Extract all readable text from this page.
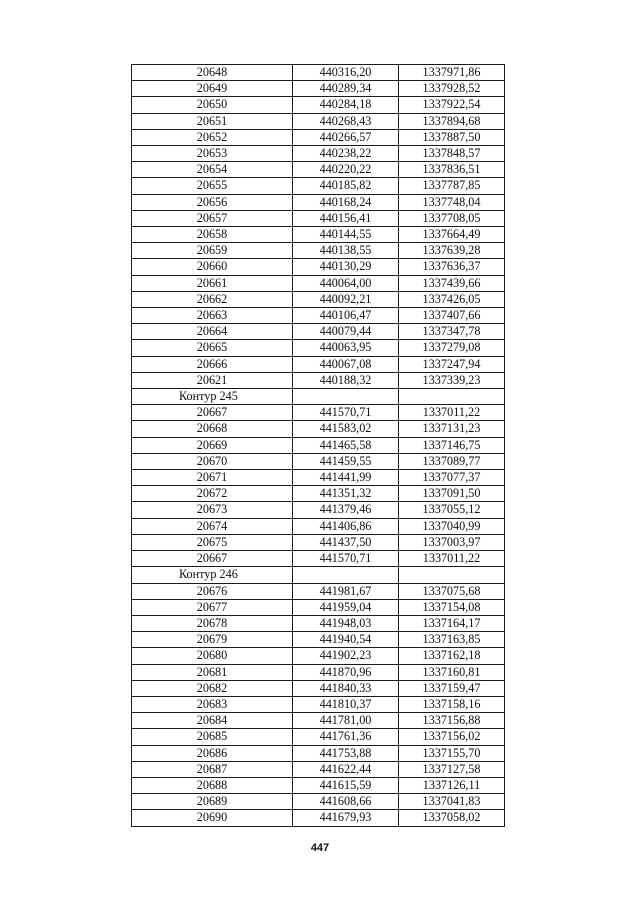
20648	440316,20	1337971,86
20649	440289,34	1337928,52
20650	440284,18	1337922,54
20651	440268,43	1337894,68
20652	440266,57	1337887,50
20653	440238,22	1337848,57
20654	440220,22	1337836,51
20655	440185,82	1337787,85
20656	440168,24	1337748,04
20657	440156,41	1337708,05
20658	440144,55	1337664,49
20659	440138,55	1337639,28
20660	440130,29	1337636,37
20661	440064,00	1337439,66
20662	440092,21	1337426,05
20663	440106,47	1337407,66
20664	440079,44	1337347,78
20665	440063,95	1337279,08
20666	440067,08	1337247,94
20621	440188,32	1337339,23
Контур 245		
20667	441570,71	1337011,22
20668	441583,02	1337131,23
20669	441465,58	1337146,75
20670	441459,55	1337089,77
20671	441441,99	1337077,37
20672	441351,32	1337091,50
20673	441379,46	1337055,12
20674	441406,86	1337040,99
20675	441437,50	1337003,97
20667	441570,71	1337011,22
Контур 246		
20676	441981,67	1337075,68
20677	441959,04	1337154,08
20678	441948,03	1337164,17
20679	441940,54	1337163,85
20680	441902,23	1337162,18
20681	441870,96	1337160,81
20682	441840,33	1337159,47
20683	441810,37	1337158,16
20684	441781,00	1337156,88
20685	441761,36	1337156,02
20686	441753,88	1337155,70
20687	441622,44	1337127,58
20688	441615,59	1337126,11
20689	441608,66	1337041,83
20690	441679,93	1337058,02
447
